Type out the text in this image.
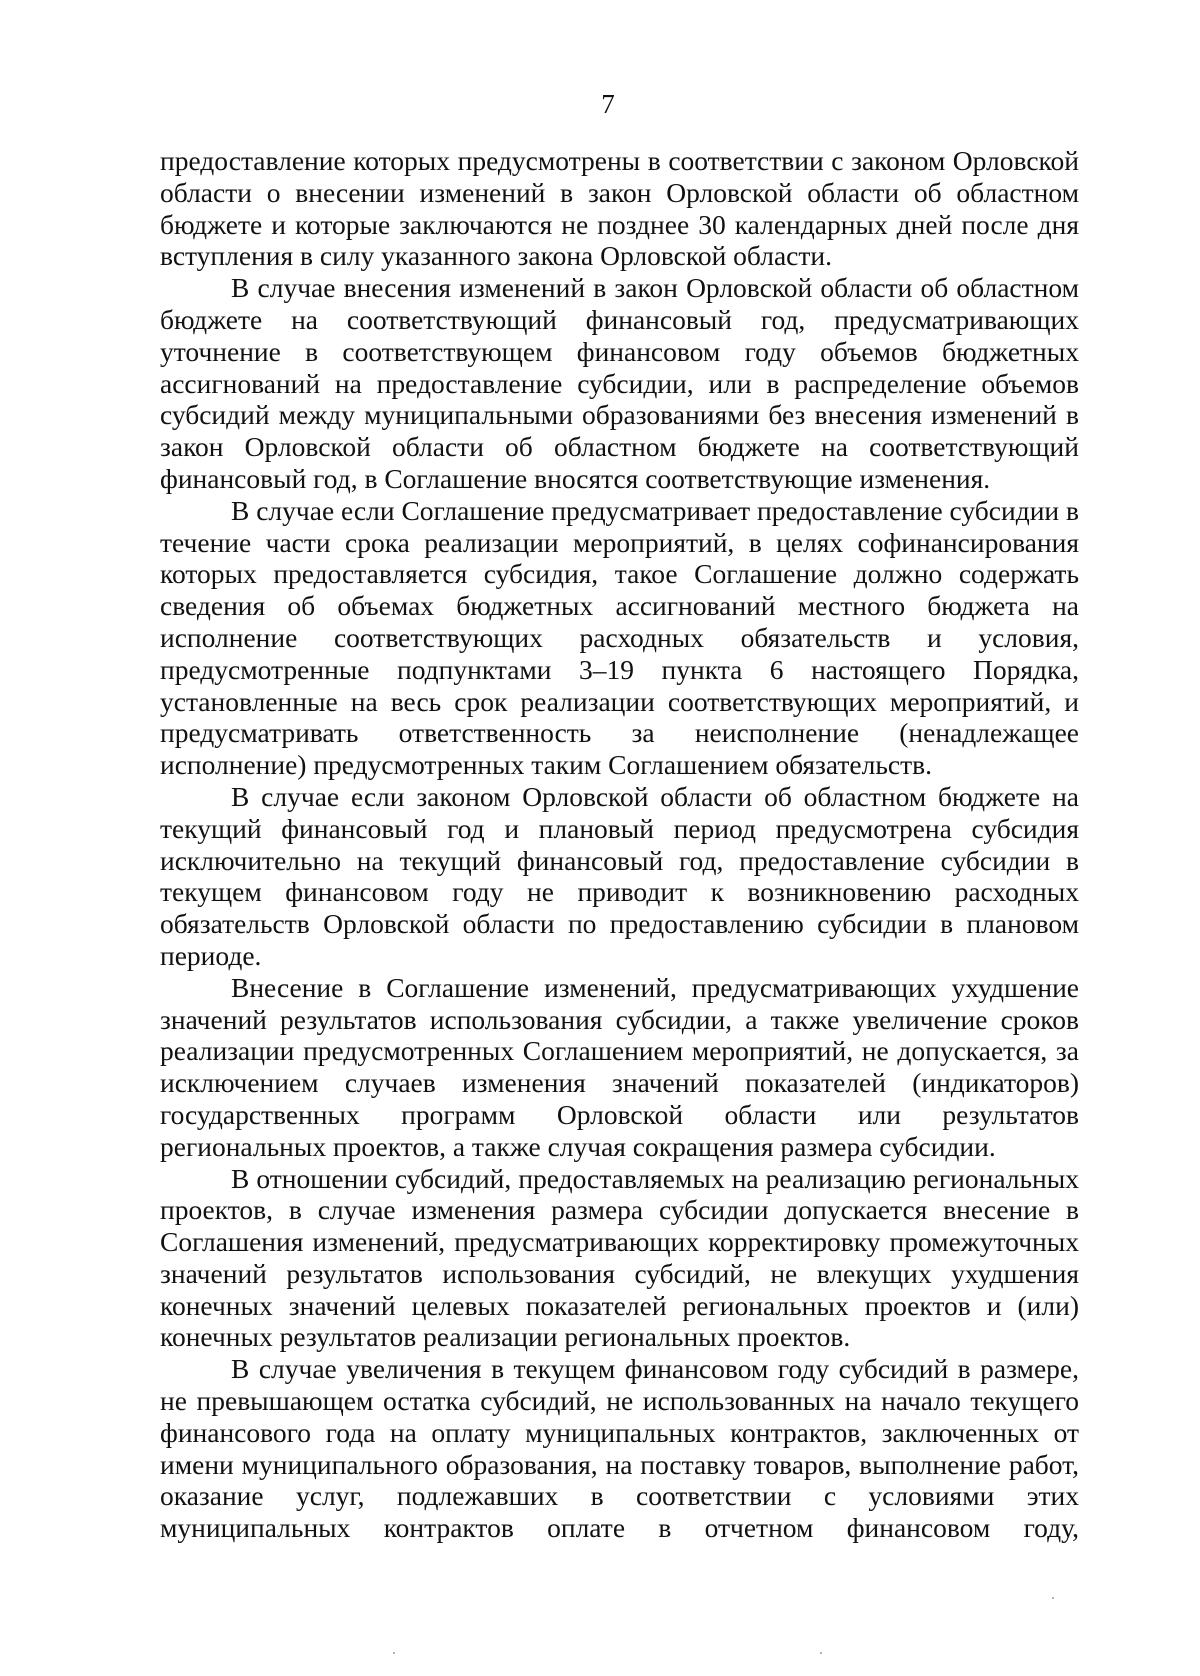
7

предоставление которых предусмотрены в соответствии с законом Орловской области о внесении изменений в закон Орловской области об областном бюджете и которые заключаются не позднее 30 календарных дней после дня вступления в силу указанного закона Орловской области.

В случае внесения изменений в закон Орловской области об областном бюджете на соответствующий финансовый год, предусматривающих уточнение в соответствующем финансовом году объемов бюджетных ассигнований на предоставление субсидии, или в распределение объемов субсидий между муниципальными образованиями без внесения изменений в закон Орловской области об областном бюджете на соответствующий финансовый год, в Соглашение вносятся соответствующие изменения.

В случае если Соглашение предусматривает предоставление субсидии в течение части срока реализации мероприятий, в целях софинансирования которых предоставляется субсидия, такое Соглашение должно содержать сведения об объемах бюджетных ассигнований местного бюджета на исполнение соответствующих расходных обязательств и условия, предусмотренные подпунктами 3–19 пункта 6 настоящего Порядка, установленные на весь срок реализации соответствующих мероприятий, и предусматривать ответственность за неисполнение (ненадлежащее исполнение) предусмотренных таким Соглашением обязательств.

В случае если законом Орловской области об областном бюджете на текущий финансовый год и плановый период предусмотрена субсидия исключительно на текущий финансовый год, предоставление субсидии в текущем финансовом году не приводит к возникновению расходных обязательств Орловской области по предоставлению субсидии в плановом периоде.

Внесение в Соглашение изменений, предусматривающих ухудшение значений результатов использования субсидии, а также увеличение сроков реализации предусмотренных Соглашением мероприятий, не допускается, за исключением случаев изменения значений показателей (индикаторов) государственных программ Орловской области или результатов региональных проектов, а также случая сокращения размера субсидии.

В отношении субсидий, предоставляемых на реализацию региональных проектов, в случае изменения размера субсидии допускается внесение в Соглашения изменений, предусматривающих корректировку промежуточных значений результатов использования субсидий, не влекущих ухудшения конечных значений целевых показателей региональных проектов и (или) конечных результатов реализации региональных проектов.

В случае увеличения в текущем финансовом году субсидий в размере, не превышающем остатка субсидий, не использованных на начало текущего финансового года на оплату муниципальных контрактов, заключенных от имени муниципального образования, на поставку товаров, выполнение работ, оказание услуг, подлежавших в соответствии с условиями этих муниципальных контрактов оплате в отчетном финансовом году,
